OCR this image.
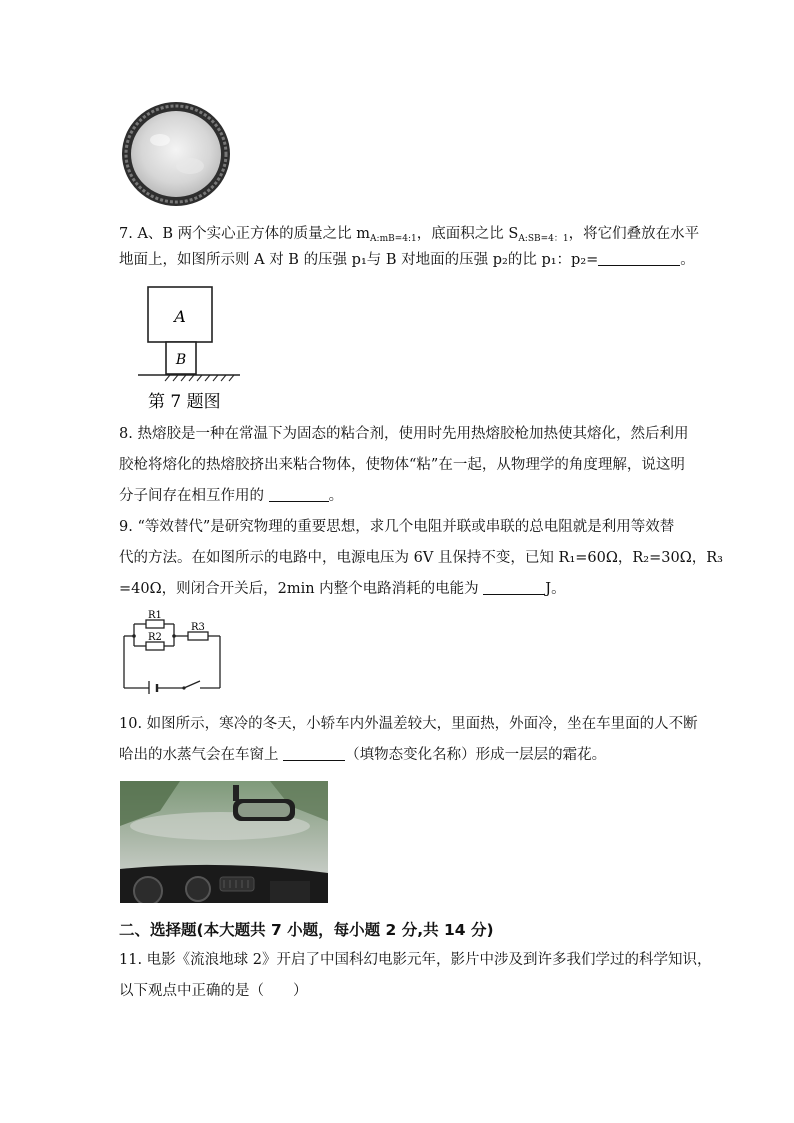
7. A、B 两个实心正方体的质量之比 $m_{A:mB=4:1}$，底面积之比 $S_{A:SB=4:1}$，将它们叠放在水平
地面上，如图所示则 A 对 B 的压强 p₁与 B 对地面的压强 p₂的比 p₁：p₂=	。
A
B
第 7 题图
8. 热熔胶是一种在常温下为固态的粘合剂，使用时先用热熔胶枪加热使其熔化，然后利用
胶枪将熔化的热熔胶挤出来粘合物体，使物体“粘”在一起，从物理学的角度理解，说这明
分子间存在相互作用的	。
9. “等效替代”是研究物理的重要思想，求几个电阻并联或串联的总电阻就是利用等效替
代的方法。在如图所示的电路中，电源电压为 6V 且保持不变，已知 R₁=60Ω，R₂=30Ω，R₃
=40Ω，则闭合开关后，2min 内整个电路消耗的电能为	J。
R1
R2
R3
10. 如图所示，寒冷的冬天，小轿车内外温差较大，里面热，外面冷，坐在车里面的人不断
哈出的水蒸气会在车窗上	（填物态变化名称）形成一层层的霜花。
二、选择题(本大题共 7 小题，每小题 2 分,共 14 分)
11. 电影《流浪地球 2》开启了中国科幻电影元年，影片中涉及到许多我们学过的科学知识，
以下观点中正确的是（　　）
